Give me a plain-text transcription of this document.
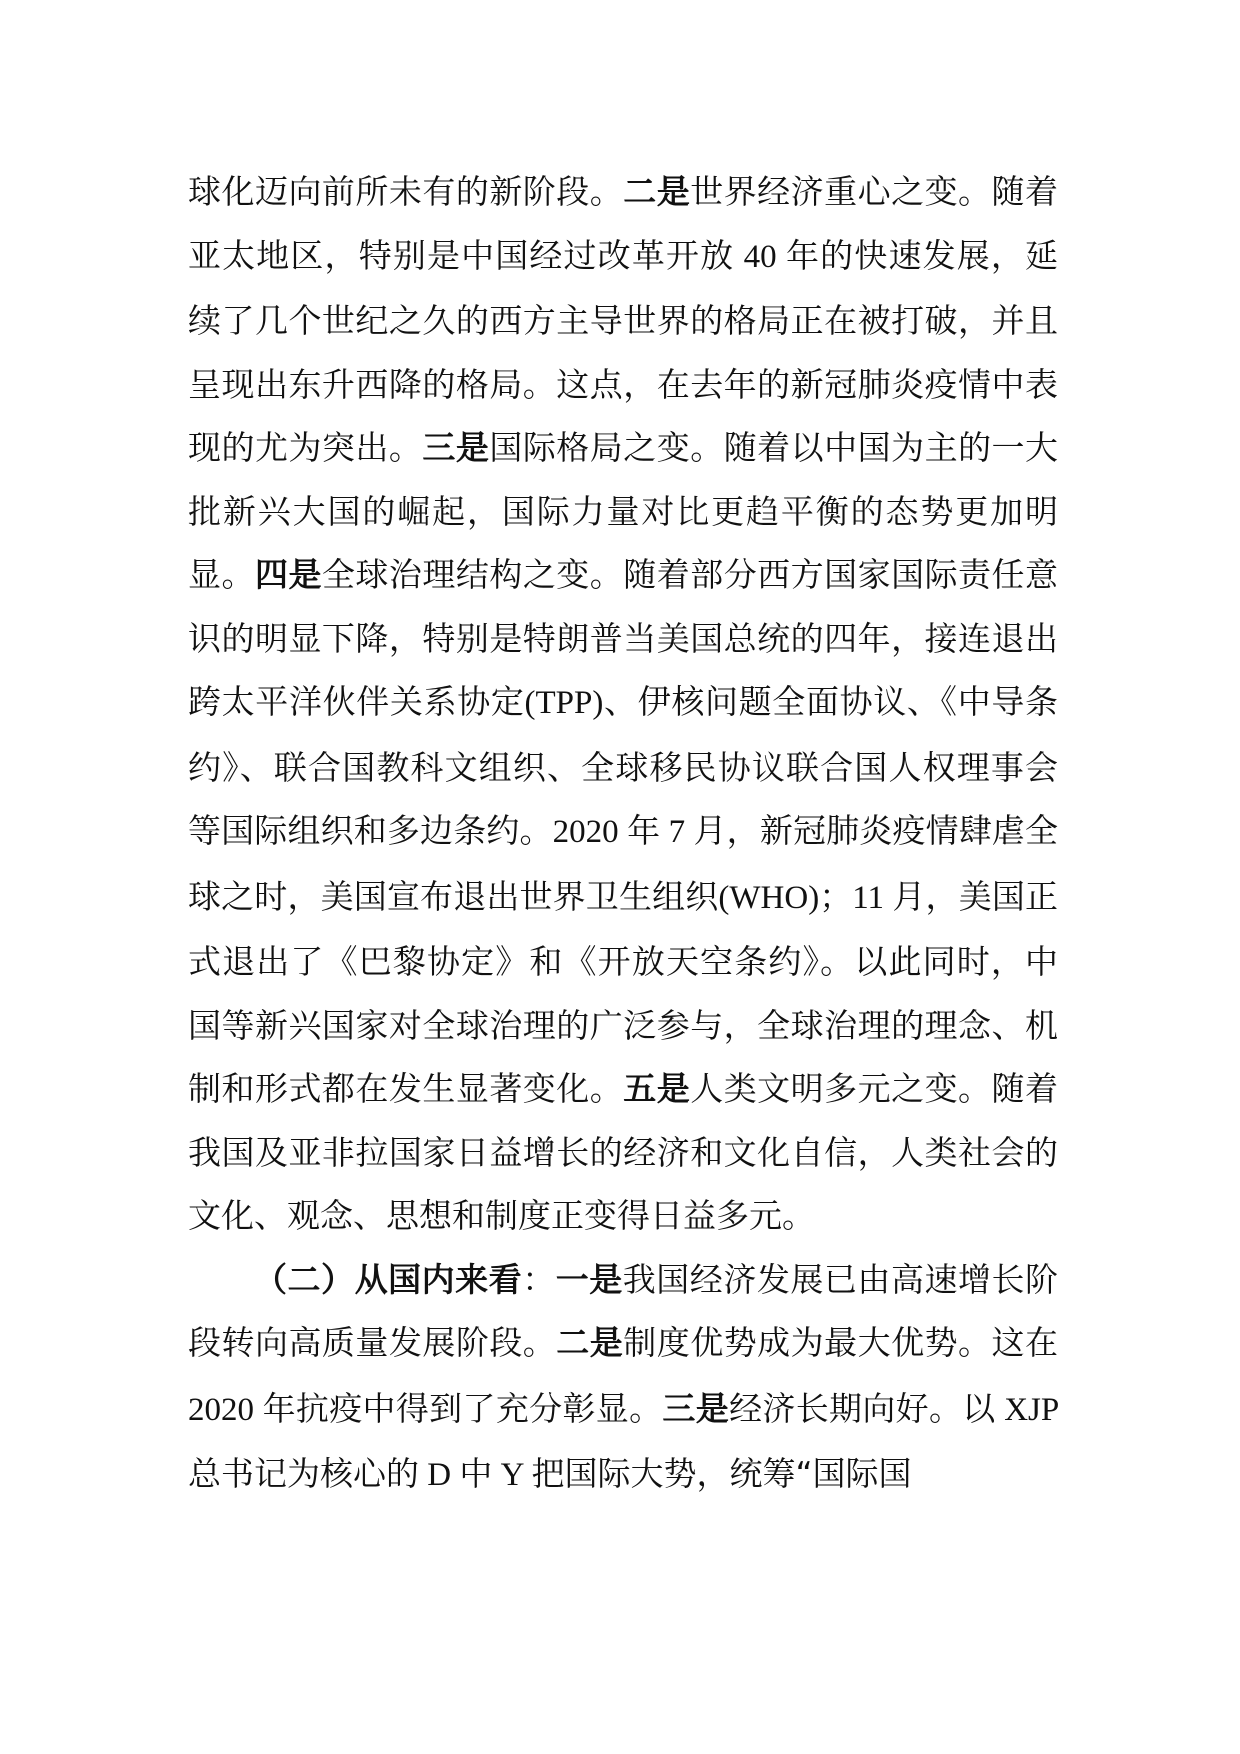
球化迈向前所未有的新阶段。二是世界经济重心之变。随着亚太地区，特别是中国经过改革开放 40 年的快速发展，延续了几个世纪之久的西方主导世界的格局正在被打破，并且呈现出东升西降的格局。这点，在去年的新冠肺炎疫情中表现的尤为突出。三是国际格局之变。随着以中国为主的一大批新兴大国的崛起，国际力量对比更趋平衡的态势更加明显。四是全球治理结构之变。随着部分西方国家国际责任意识的明显下降，特别是特朗普当美国总统的四年，接连退出跨太平洋伙伴关系协定(TPP)、伊核问题全面协议、《中导条约》、联合国教科文组织、全球移民协议联合国人权理事会等国际组织和多边条约。2020 年 7 月，新冠肺炎疫情肆虐全球之时，美国宣布退出世界卫生组织(WHO)；11 月，美国正式退出了《巴黎协定》和《开放天空条约》。以此同时，中国等新兴国家对全球治理的广泛参与，全球治理的理念、机制和形式都在发生显著变化。五是人类文明多元之变。随着我国及亚非拉国家日益增长的经济和文化自信，人类社会的文化、观念、思想和制度正变得日益多元。

（二）从国内来看：一是我国经济发展已由高速增长阶段转向高质量发展阶段。二是制度优势成为最大优势。这在 2020 年抗疫中得到了充分彰显。三是经济长期向好。以 XJP 总书记为核心的 D 中 Y 把国际大势，统筹“国际国
